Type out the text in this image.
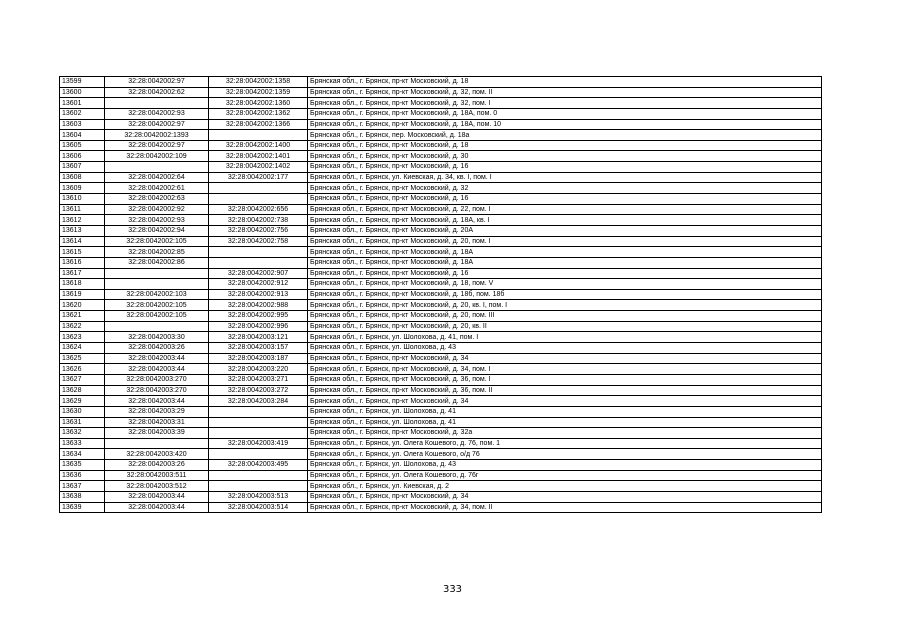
13599	32:28:0042002:97	32:28:0042002:1358	Брянская обл., г. Брянск, пр-кт Московский, д. 18
13600	32:28:0042002:62	32:28:0042002:1359	Брянская обл., г. Брянск, пр-кт Московский, д. 32, пом. II
13601		32:28:0042002:1360	Брянская обл., г. Брянск, пр-кт Московский, д. 32, пом. I
13602	32:28:0042002:93	32:28:0042002:1362	Брянская обл., г. Брянск, пр-кт Московский, д. 18А, пом. 0
13603	32:28:0042002:97	32:28:0042002:1366	Брянская обл., г. Брянск, пр-кт Московский, д. 18А, пом. 10
13604	32:28:0042002:1393		Брянская обл., г. Брянск, пер. Московский, д. 18а
13605	32:28:0042002:97	32:28:0042002:1400	Брянская обл., г. Брянск, пр-кт Московский, д. 18
13606	32:28:0042002:109	32:28:0042002:1401	Брянская обл., г. Брянск, пр-кт Московский, д. 30
13607		32:28:0042002:1402	Брянская обл., г. Брянск, пр-кт Московский, д. 16
13608	32:28:0042002:64	32:28:0042002:177	Брянская обл., г. Брянск, ул. Киевская, д. 34, кв. I, пом. I
13609	32:28:0042002:61		Брянская обл., г. Брянск, пр-кт Московский, д. 32
13610	32:28:0042002:63		Брянская обл., г. Брянск, пр-кт Московский, д. 16
13611	32:28:0042002:92	32:28:0042002:656	Брянская обл., г. Брянск, пр-кт Московский, д. 22, пом. I
13612	32:28:0042002:93	32:28:0042002:738	Брянская обл., г. Брянск, пр-кт Московский, д. 18А, кв. I
13613	32:28:0042002:94	32:28:0042002:756	Брянская обл., г. Брянск, пр-кт Московский, д. 20А
13614	32:28:0042002:105	32:28:0042002:758	Брянская обл., г. Брянск, пр-кт Московский, д. 20, пом. I
13615	32:28:0042002:85		Брянская обл., г. Брянск, пр-кт Московский, д. 18А
13616	32:28:0042002:86		Брянская обл., г. Брянск, пр-кт Московский, д. 18А
13617		32:28:0042002:907	Брянская обл., г. Брянск, пр-кт Московский, д. 16
13618		32:28:0042002:912	Брянская обл., г. Брянск, пр-кт Московский, д. 18, пом. V
13619	32:28:0042002:103	32:28:0042002:913	Брянская обл., г. Брянск, пр-кт Московский, д. 18б, пом. 18б
13620	32:28:0042002:105	32:28:0042002:988	Брянская обл., г. Брянск, пр-кт Московский, д. 20, кв. I, пом. I
13621	32:28:0042002:105	32:28:0042002:995	Брянская обл., г. Брянск, пр-кт Московский, д. 20, пом. III
13622		32:28:0042002:996	Брянская обл., г. Брянск, пр-кт Московский, д. 20, кв. II
13623	32:28:0042003:30	32:28:0042003:121	Брянская обл., г. Брянск, ул. Шолохова, д. 41, пом. I
13624	32:28:0042003:26	32:28:0042003:157	Брянская обл., г. Брянск, ул. Шолохова, д. 43
13625	32:28:0042003:44	32:28:0042003:187	Брянская обл., г. Брянск, пр-кт Московский, д. 34
13626	32:28:0042003:44	32:28:0042003:220	Брянская обл., г. Брянск, пр-кт Московский, д. 34, пом. I
13627	32:28:0042003:270	32:28:0042003:271	Брянская обл., г. Брянск, пр-кт Московский, д. 36, пом. I
13628	32:28:0042003:270	32:28:0042003:272	Брянская обл., г. Брянск, пр-кт Московский, д. 36, пом. II
13629	32:28:0042003:44	32:28:0042003:284	Брянская обл., г. Брянск, пр-кт Московский, д. 34
13630	32:28:0042003:29		Брянская обл., г. Брянск, ул. Шолохова, д. 41
13631	32:28:0042003:31		Брянская обл., г. Брянск, ул. Шолохова, д. 41
13632	32:28:0042003:39		Брянская обл., г. Брянск, пр-кт Московский, д. 32а
13633		32:28:0042003:419	Брянская обл., г. Брянск, ул. Олега Кошевого, д. 76, пом. 1
13634	32:28:0042003:420		Брянская обл., г. Брянск, ул. Олега Кошевого, о/д 76
13635	32:28:0042003:26	32:28:0042003:495	Брянская обл., г. Брянск, ул. Шолохова, д. 43
13636	32:28:0042003:511		Брянская обл., г. Брянск, ул. Олега Кошевого, д. 76г
13637	32:28:0042003:512		Брянская обл., г. Брянск, ул. Киевская, д. 2
13638	32:28:0042003:44	32:28:0042003:513	Брянская обл., г. Брянск, пр-кт Московский, д. 34
13639	32:28:0042003:44	32:28:0042003:514	Брянская обл., г. Брянск, пр-кт Московский, д. 34, пом. II
333
